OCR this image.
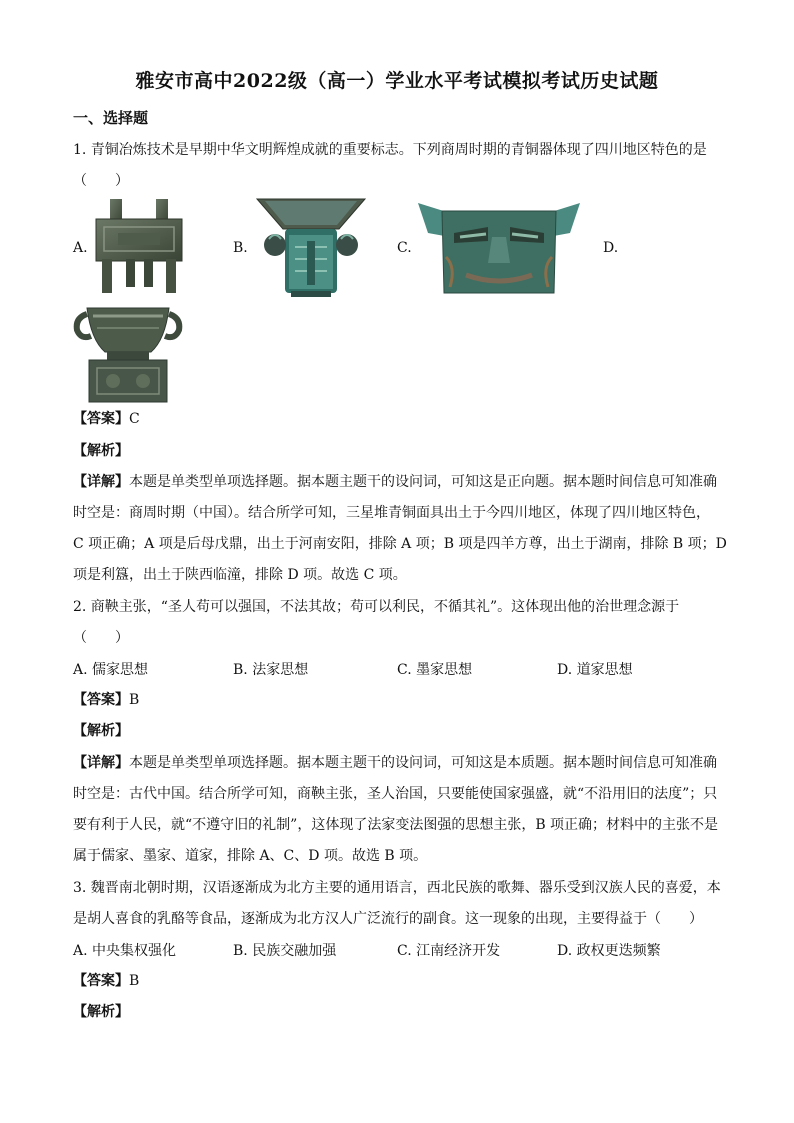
雅安市高中2022级（高一）学业水平考试模拟考试历史试题
一、选择题
1. 青铜冶炼技术是早期中华文明辉煌成就的重要标志。下列商周时期的青铜器体现了四川地区特色的是
（　　）
A.	B.	C.	D.
【答案】C
【解析】
【详解】本题是单类型单项选择题。据本题主题干的设问词，可知这是正向题。据本题时间信息可知准确
时空是：商周时期（中国）。结合所学可知，三星堆青铜面具出土于今四川地区，体现了四川地区特色，
C 项正确；A 项是后母戊鼎，出土于河南安阳，排除 A 项；B 项是四羊方尊，出土于湖南，排除 B 项；D
项是利簋，出土于陕西临潼，排除 D 项。故选 C 项。
2. 商鞅主张，“圣人苟可以强国，不法其故；苟可以利民，不循其礼”。这体现出他的治世理念源于
（　　）
A. 儒家思想	B. 法家思想	C. 墨家思想	D. 道家思想
【答案】B
【解析】
【详解】本题是单类型单项选择题。据本题主题干的设问词，可知这是本质题。据本题时间信息可知准确
时空是：古代中国。结合所学可知，商鞅主张，圣人治国，只要能使国家强盛，就“不沿用旧的法度”；只
要有利于人民，就“不遵守旧的礼制”，这体现了法家变法图强的思想主张，B 项正确；材料中的主张不是
属于儒家、墨家、道家，排除 A、C、D 项。故选 B 项。
3. 魏晋南北朝时期，汉语逐渐成为北方主要的通用语言，西北民族的歌舞、器乐受到汉族人民的喜爱，本
是胡人喜食的乳酪等食品，逐渐成为北方汉人广泛流行的副食。这一现象的出现，主要得益于（　　）
A. 中央集权强化	B. 民族交融加强	C. 江南经济开发	D. 政权更迭频繁
【答案】B
【解析】
